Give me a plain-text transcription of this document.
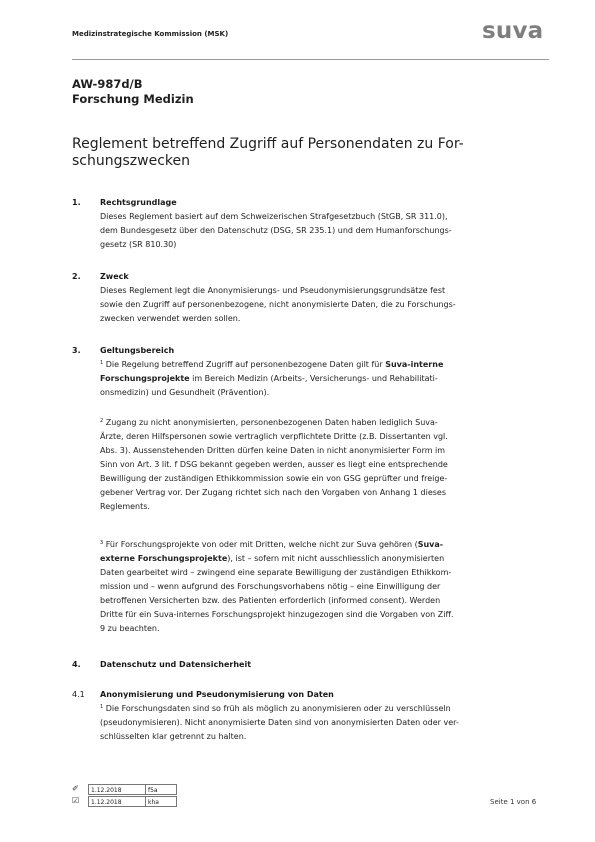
Medizinstrategische Kommission (MSK)	suva
AW-987d/B
Forschung Medizin
Reglement betreffend Zugriff auf Personendaten zu For-
schungszwecken
1. Rechtsgrundlage
Dieses Reglement basiert auf dem Schweizerischen Strafgesetzbuch (StGB, SR 311.0),
dem Bundesgesetz über den Datenschutz (DSG, SR 235.1) und dem Humanforschungs-
gesetz (SR 810.30)
2. Zweck
Dieses Reglement legt die Anonymisierungs- und Pseudonymisierungsgrundsätze fest
sowie den Zugriff auf personenbezogene, nicht anonymisierte Daten, die zu Forschungs-
zwecken verwendet werden sollen.
3. Geltungsbereich
$^1$ Die Regelung betreffend Zugriff auf personenbezogene Daten gilt für Suva-interne
Forschungsprojekte im Bereich Medizin (Arbeits-, Versicherungs- und Rehabilitati-
onsmedizin) und Gesundheit (Prävention).
$^2$ Zugang zu nicht anonymisierten, personenbezogenen Daten haben lediglich Suva-
Ärzte, deren Hilfspersonen sowie vertraglich verpflichtete Dritte (z.B. Dissertanten vgl.
Abs. 3). Aussenstehenden Dritten dürfen keine Daten in nicht anonymisierter Form im
Sinn von Art. 3 lit. f DSG bekannt gegeben werden, ausser es liegt eine entsprechende
Bewilligung der zuständigen Ethikkommission sowie ein von GSG geprüfter und freige-
gebener Vertrag vor. Der Zugang richtet sich nach den Vorgaben von Anhang 1 dieses
Reglements.
$^3$ Für Forschungsprojekte von oder mit Dritten, welche nicht zur Suva gehören (Suva-
externe Forschungsprojekte), ist – sofern mit nicht ausschliesslich anonymisierten
Daten gearbeitet wird – zwingend eine separate Bewilligung der zuständigen Ethikkom-
mission und – wenn aufgrund des Forschungsvorhabens nötig – eine Einwilligung der
betroffenen Versicherten bzw. des Patienten erforderlich (informed consent). Werden
Dritte für ein Suva-internes Forschungsprojekt hinzugezogen sind die Vorgaben von Ziff.
9 zu beachten.
4. Datenschutz und Datensicherheit
4.1 Anonymisierung und Pseudonymisierung von Daten
$^1$ Die Forschungsdaten sind so früh als möglich zu anonymisieren oder zu verschlüsseln
(pseudonymisieren). Nicht anonymisierte Daten sind von anonymisierten Daten oder ver-
schlüsselten klar getrennt zu halten.
✐	1.12.2018	f5a
☑	1.12.2018	kha	Seite 1 von 6
